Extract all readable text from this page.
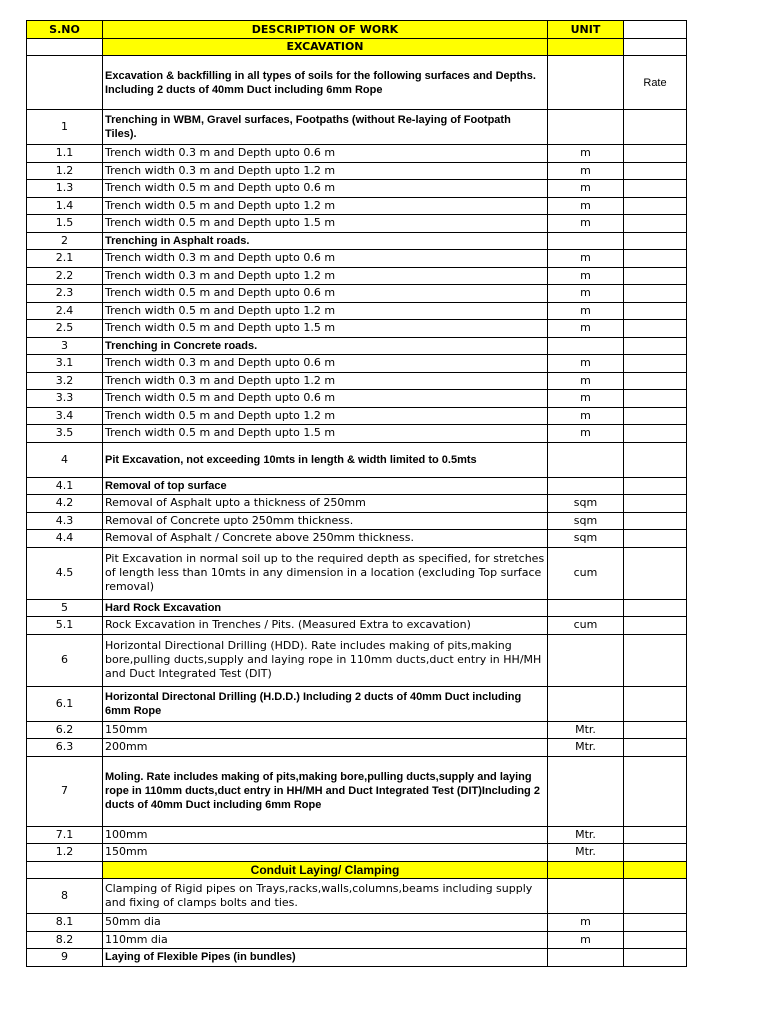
S.NO	DESCRIPTION OF WORK	UNIT	
	EXCAVATION		
	Excavation & backfilling in all types of soils for the following surfaces and Depths. Including 2 ducts of 40mm Duct including 6mm Rope		Rate
1	Trenching in WBM, Gravel surfaces, Footpaths (without Re-laying of Footpath Tiles).		
1.1	Trench width 0.3 m and Depth upto 0.6 m	m	
1.2	Trench width 0.3 m and Depth upto 1.2 m	m	
1.3	Trench width 0.5 m and Depth upto 0.6 m	m	
1.4	Trench width 0.5 m and Depth upto 1.2 m	m	
1.5	Trench width 0.5 m and Depth upto 1.5 m	m	
2	Trenching in Asphalt roads.		
2.1	Trench width 0.3 m and Depth upto 0.6 m	m	
2.2	Trench width 0.3 m and Depth upto 1.2 m	m	
2.3	Trench width 0.5 m and Depth upto 0.6 m	m	
2.4	Trench width 0.5 m and Depth upto 1.2 m	m	
2.5	Trench width 0.5 m and Depth upto 1.5 m	m	
3	Trenching in Concrete roads.		
3.1	Trench width 0.3 m and Depth upto 0.6 m	m	
3.2	Trench width 0.3 m and Depth upto 1.2 m	m	
3.3	Trench width 0.5 m and Depth upto 0.6 m	m	
3.4	Trench width 0.5 m and Depth upto 1.2 m	m	
3.5	Trench width 0.5 m and Depth upto 1.5 m	m	
4	Pit Excavation, not exceeding 10mts in length & width limited to 0.5mts		
4.1	Removal of top surface		
4.2	Removal of Asphalt upto a thickness of 250mm	sqm	
4.3	Removal of Concrete upto 250mm thickness.	sqm	
4.4	Removal of Asphalt / Concrete above 250mm thickness.	sqm	
4.5	Pit Excavation in normal soil up to the required depth as specified, for stretches of length less than 10mts in any dimension in a location (excluding Top surface removal)	cum	
5	Hard Rock Excavation		
5.1	Rock Excavation in Trenches / Pits. (Measured Extra to excavation)	cum	
6	Horizontal Directional Drilling (HDD). Rate includes making of pits,making bore,pulling ducts,supply and laying rope in 110mm ducts,duct entry in HH/MH and Duct Integrated Test (DIT)		
6.1	Horizontal Directonal Drilling (H.D.D.) Including 2 ducts of 40mm Duct including 6mm Rope		
6.2	150mm	Mtr.	
6.3	200mm	Mtr.	
7	Moling. Rate includes making of pits,making bore,pulling ducts,supply and laying rope in 110mm ducts,duct entry in HH/MH and Duct Integrated Test (DIT)Including 2 ducts of 40mm Duct including 6mm Rope		
7.1	100mm	Mtr.	
1.2	150mm	Mtr.	
	Conduit Laying/ Clamping		
8	Clamping of Rigid pipes on Trays,racks,walls,columns,beams including supply and fixing of clamps bolts and ties.		
8.1	50mm dia	m	
8.2	110mm dia	m	
9	Laying of Flexible Pipes (in bundles)		
